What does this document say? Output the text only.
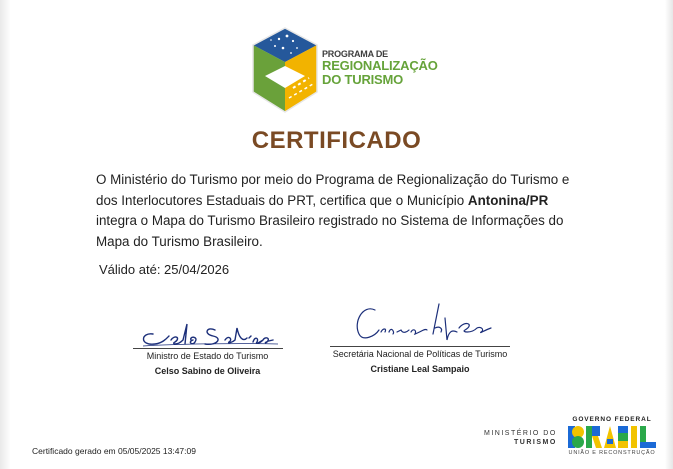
PROGRAMA DE
REGIONALIZAÇÃO
DO TURISMO
CERTIFICADO
O Ministério do Turismo por meio do Programa de Regionalização do Turismo e dos Interlocutores Estaduais do PRT, certifica que o Município Antonina/PR integra o Mapa do Turismo Brasileiro registrado no Sistema de Informações do Mapa do Turismo Brasileiro.
Válido até: 25/04/2026
Ministro de Estado do Turismo
Celso Sabino de Oliveira
Secretária Nacional de Políticas de Turismo
Cristiane Leal Sampaio
Certificado gerado em 05/05/2025 13:47:09
MINISTÉRIO DO
TURISMO
GOVERNO FEDERAL
UNIÃO E RECONSTRUÇÃO
